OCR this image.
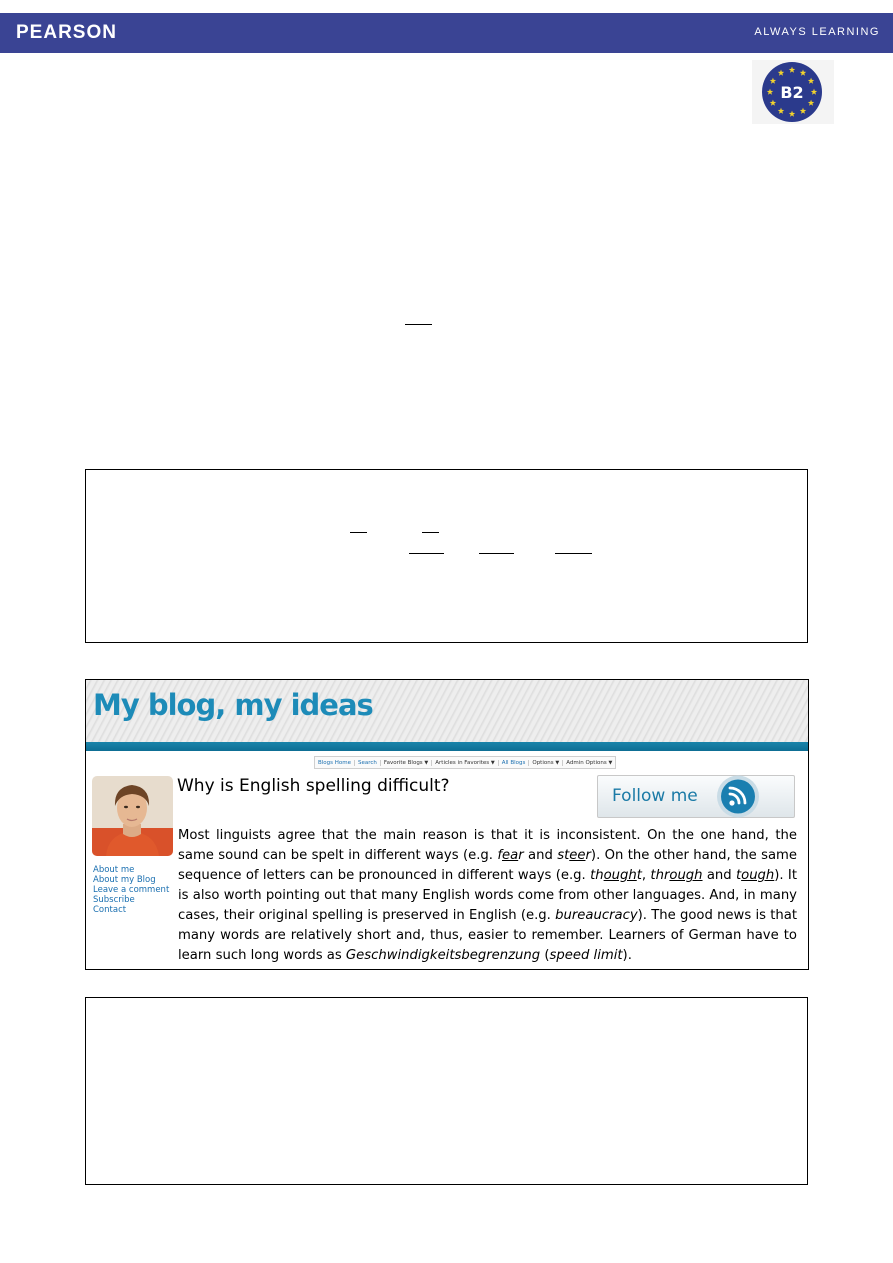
PEARSON	ALWAYS LEARNING
B2
My blog, my ideas
Blogs Home	Search	Favorite Blogs ▼	Articles in Favorites ▼	All Blogs	Options ▼	Admin Options ▼
About me
About my Blog
Leave a comment
Subscribe
Contact
Why is English spelling difficult?	Follow me

Most linguists agree that the main reason is that it is inconsistent. On the one hand, the same sound can be spelt in different ways (e.g. fear and steer). On the other hand, the same sequence of letters can be pronounced in different ways (e.g. thought, through and tough). It is also worth pointing out that many English words come from other languages. And, in many cases, their original spelling is preserved in English (e.g. bureaucracy). The good news is that many words are relatively short and, thus, easier to remember. Learners of German have to learn such long words as Geschwindigkeitsbegrenzung (speed limit).
